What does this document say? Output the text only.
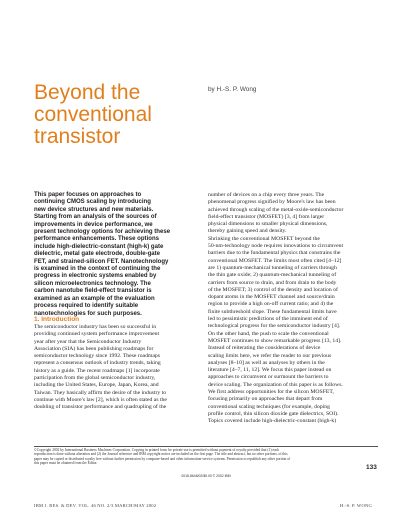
Beyond the
conventional
transistor
by H.-S. P. Wong
This paper focuses on approaches to
continuing CMOS scaling by introducing
new device structures and new materials.
Starting from an analysis of the sources of
improvements in device performance, we
present technology options for achieving these
performance enhancements. These options
include high-dielectric-constant (high-k) gate
dielectric, metal gate electrode, double-gate
FET, and strained-silicon FET. Nanotechnology
is examined in the context of continuing the
progress in electronic systems enabled by
silicon microelectronics technology. The
carbon nanotube field-effect transistor is
examined as an example of the evaluation
process required to identify suitable
nanotechnologies for such purposes.
1. Introduction
The semiconductor industry has been so successful in
providing continued system performance improvement
year after year that the Semiconductor Industry
Association (SIA) has been publishing roadmaps for
semiconductor technology since 1992. These roadmaps
represent a consensus outlook of industry trends, taking
history as a guide. The recent roadmaps [1] incorporate
participation from the global semiconductor industry,
including the United States, Europe, Japan, Korea, and
Taiwan. They basically affirm the desire of the industry to
continue with Moore's law [2], which is often stated as the
doubling of transistor performance and quadrupling of the
number of devices on a chip every three years. The
phenomenal progress signified by Moore's law has been
achieved through scaling of the metal-oxide-semiconductor
field-effect transistor (MOSFET) [3, 4] from larger
physical dimensions to smaller physical dimensions,
thereby gaining speed and density.
Shrinking the conventional MOSFET beyond the
50-nm-technology node requires innovations to circumvent
barriers due to the fundamental physics that constrains the
conventional MOSFET. The limits most often cited [4–12]
are 1) quantum-mechanical tunneling of carriers through
the thin gate oxide; 2) quantum-mechanical tunneling of
carriers from source to drain, and from drain to the body
of the MOSFET; 3) control of the density and location of
dopant atoms in the MOSFET channel and source/drain
region to provide a high on-off current ratio; and 4) the
finite subthreshold slope. These fundamental limits have
led to pessimistic predictions of the imminent end of
technological progress for the semiconductor industry [4].
On the other hand, the push to scale the conventional
MOSFET continues to show remarkable progress [13, 14].
Instead of reiterating the considerations of device
scaling limits here, we refer the reader to our previous
analyses [8–10] as well as analyses by others in the
literature [4–7, 11, 12]. We focus this paper instead on
approaches to circumvent or surmount the barriers to
device scaling. The organization of this paper is as follows.
We first address opportunities for the silicon MOSFET,
focusing primarily on approaches that depart from
conventional scaling techniques (for example, doping
profile control, thin silicon dioxide gate dielectrics, SOI).
Topics covered include high-dielectric-constant (high-k)
©Copyright 2002 by International Business Machines Corporation. Copying in printed form for private use is permitted without payment of royalty provided that (1) each
reproduction is done without alteration and (2) the Journal reference and IBM copyright notice are included on the first page. The title and abstract, but no other portions, of this
paper may be copied or distributed royalty free without further permission by computer-based and other information-service systems. Permission to republish any other portion of
this paper must be obtained from the Editor.
0018-8646/02/$5.00 © 2002 IBM
133
IBM J. RES. & DEV. VOL. 46 NO. 2/3 MARCH/MAY 2002	H.-S. P. WONG
